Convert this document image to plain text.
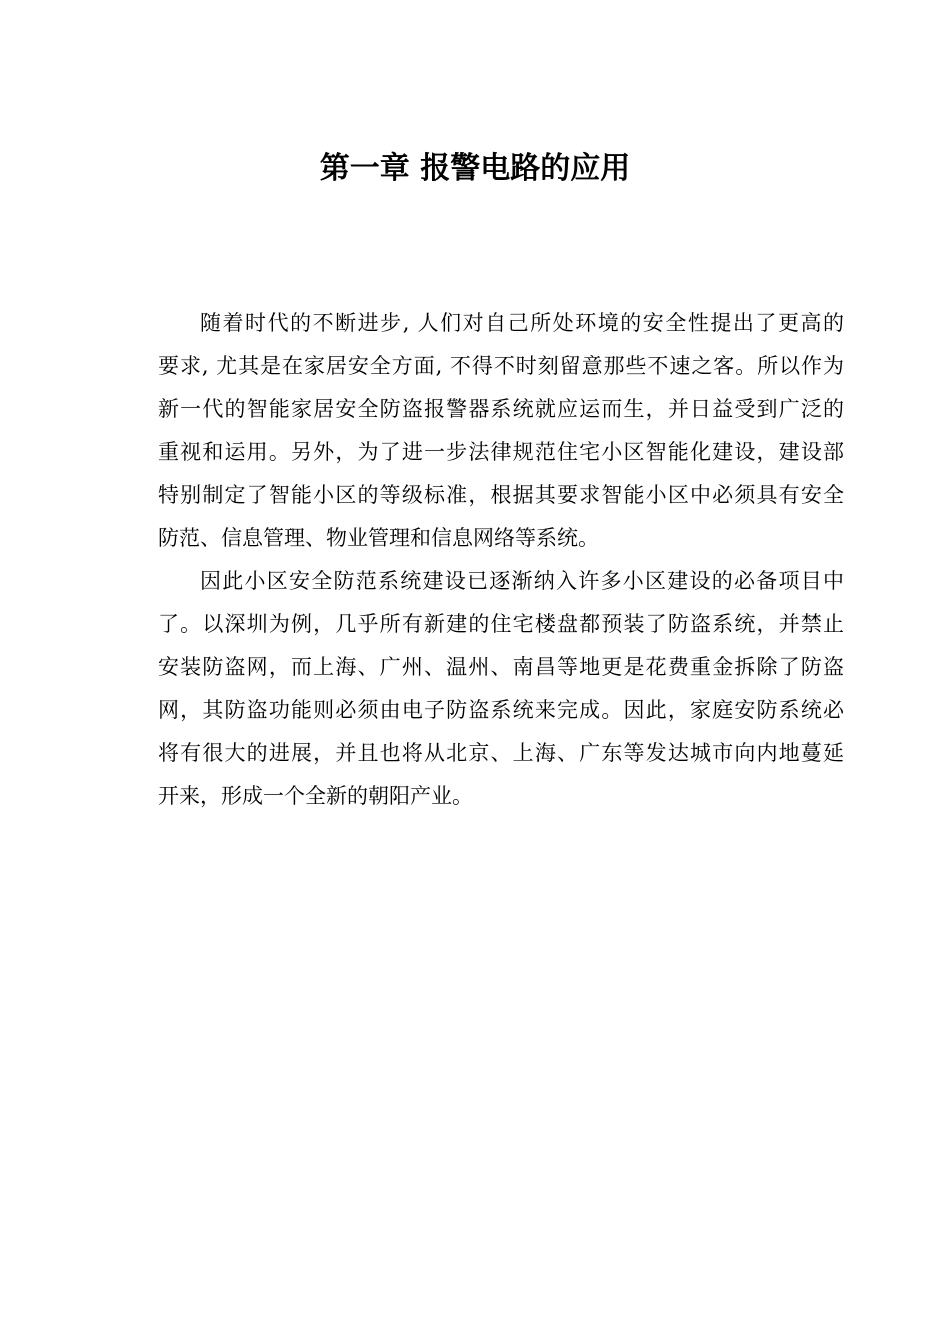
第一章 报警电路的应用
随着时代的不断进步, 人们对自己所处环境的安全性提出了更高的
要求, 尤其是在家居安全方面, 不得不时刻留意那些不速之客。所以作为
新一代的智能家居安全防盗报警器系统就应运而生，并日益受到广泛的
重视和运用。另外，为了进一步法律规范住宅小区智能化建设，建设部
特别制定了智能小区的等级标准，根据其要求智能小区中必须具有安全
防范、信息管理、物业管理和信息网络等系统。
因此小区安全防范系统建设已逐渐纳入许多小区建设的必备项目中
了。以深圳为例，几乎所有新建的住宅楼盘都预装了防盗系统，并禁止
安装防盗网，而上海、广州、温州、南昌等地更是花费重金拆除了防盗
网，其防盗功能则必须由电子防盗系统来完成。因此，家庭安防系统必
将有很大的进展，并且也将从北京、上海、广东等发达城市向内地蔓延
开来，形成一个全新的朝阳产业。
